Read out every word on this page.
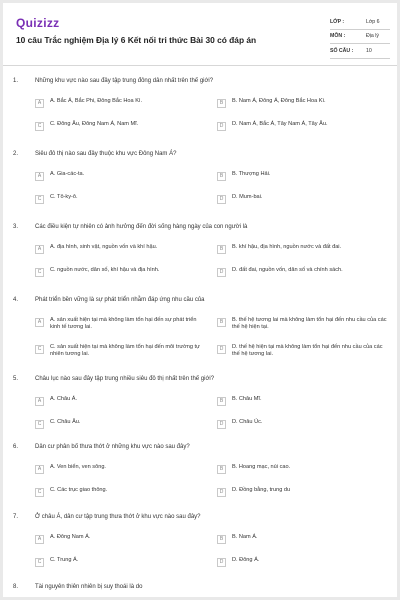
Quizizz
10 câu Trắc nghiệm Địa lý 6 Kết nối tri thức Bài 30 có đáp án
LỚP :	Lớp 6
MÔN :	Địa lý
SỐ CÂU : 10
1.	Những khu vực nào sau đây tập trung đông dân nhất trên thế giới?
A	A. Bắc Á, Bắc Phi, Đông Bắc Hoa Kì.	B	B. Nam Á, Đông Á, Đông Bắc Hoa Kì.
C	C. Đông Âu, Đông Nam Á, Nam Mĩ.	D	D. Nam Á, Bắc Á, Tây Nam Á, Tây Âu.
2.	Siêu đô thị nào sau đây thuộc khu vực Đông Nam Á?
A	A. Gia-các-ta.	B	B. Thượng Hải.
C	C. Tô-ky-ô.	D	D. Mum-bai.
3.	Các điều kiện tự nhiên có ảnh hưởng đến đời sống hàng ngày của con người là
A	A. địa hình, sinh vật, nguồn vốn và khí hậu.	B	B. khí hậu, địa hình, nguồn nước và đất đai.
C	C. nguồn nước, dân số, khí hậu và địa hình.	D	D. đất đai, nguồn vốn, dân số và chính sách.
4.	Phát triển bền vững là sự phát triển nhằm đáp ứng nhu cầu của
A	A. sản xuất hiện tại mà không làm tổn hại đến sự phát triển kinh tế tương lai.
B	B. thế hệ tương lai mà không làm tổn hại đến nhu cầu của các thế hệ hiện tại.
C	C. sản xuất hiện tại mà không làm tổn hại đến môi trường tự nhiên tương lai.
D	D. thế hệ hiện tại mà không làm tổn hại đến nhu cầu của các thế hệ tương lai.
5.	Châu lục nào sau đây tập trung nhiều siêu đô thị nhất trên thế giới?
A	A. Châu Á.	B	B. Châu Mĩ.
C	C. Châu Âu.	D	D. Châu Úc.
6.	Dân cư phân bố thưa thớt ở những khu vực nào sau đây?
A	A. Ven biển, ven sông.	B	B. Hoang mạc, núi cao.
C	C. Các trục giao thông.	D	D. Đồng bằng, trung du
7.	Ở châu Á, dân cư tập trung thưa thớt ở khu vực nào sau đây?
A	A. Đông Nam Á.	B	B. Nam Á.
C	C. Trung Á.	D	D. Đông Á.
8.	Tài nguyên thiên nhiên bị suy thoái là do
